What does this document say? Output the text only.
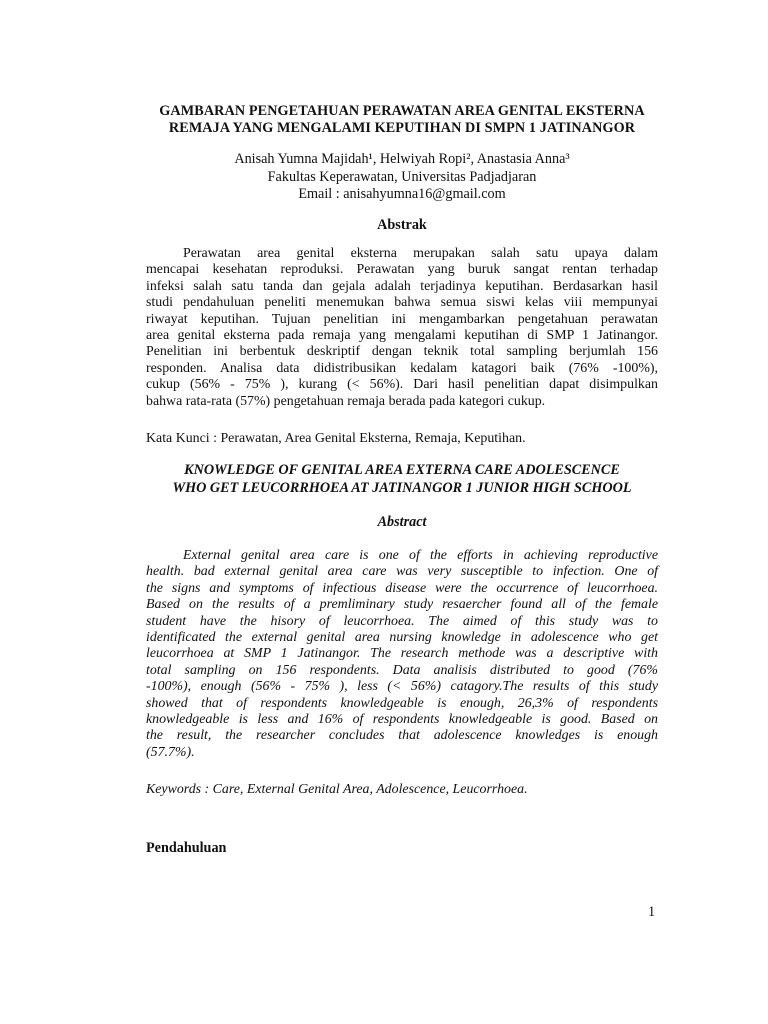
GAMBARAN PENGETAHUAN PERAWATAN AREA GENITAL EKSTERNA
REMAJA YANG MENGALAMI KEPUTIHAN DI SMPN 1 JATINANGOR
Anisah Yumna Majidah¹, Helwiyah Ropi², Anastasia Anna³
Fakultas Keperawatan, Universitas Padjadjaran
Email : anisahyumna16@gmail.com
Abstrak
Perawatan area genital eksterna merupakan salah satu upaya dalam
mencapai kesehatan reproduksi. Perawatan yang buruk sangat rentan terhadap
infeksi salah satu tanda dan gejala adalah terjadinya keputihan. Berdasarkan hasil
studi pendahuluan peneliti menemukan bahwa semua siswi kelas viii mempunyai
riwayat keputihan. Tujuan penelitian ini mengambarkan pengetahuan perawatan
area genital eksterna pada remaja yang mengalami keputihan di SMP 1 Jatinangor.
Penelitian ini berbentuk deskriptif dengan teknik total sampling berjumlah 156
responden. Analisa data didistribusikan kedalam katagori baik (76% -100%),
cukup (56% - 75% ), kurang (< 56%). Dari hasil penelitian dapat disimpulkan
bahwa rata-rata (57%) pengetahuan remaja berada pada kategori cukup.
Kata Kunci : Perawatan, Area Genital Eksterna, Remaja, Keputihan.
KNOWLEDGE OF GENITAL AREA EXTERNA CARE ADOLESCENCE
WHO GET LEUCORRHOEA AT JATINANGOR 1 JUNIOR HIGH SCHOOL
Abstract
External genital area care is one of the efforts in achieving reproductive
health. bad external genital area care was very susceptible to infection. One of
the signs and symptoms of infectious disease were the occurrence of leucorrhoea.
Based on the results of a premliminary study resaercher found all of the female
student have the hisory of leucorrhoea. The aimed of this study was to
identificated the external genital area nursing knowledge in adolescence who get
leucorrhoea at SMP 1 Jatinangor. The research methode was a descriptive with
total sampling on 156 respondents. Data analisis distributed to good (76%
-100%), enough (56% - 75% ), less (< 56%) catagory.The results of this study
showed that of respondents knowledgeable is enough, 26,3% of respondents
knowledgeable is less and 16% of respondents knowledgeable is good. Based on
the result, the researcher concludes that adolescence knowledges is enough
(57.7%).
Keywords : Care, External Genital Area, Adolescence, Leucorrhoea.
Pendahuluan
1
